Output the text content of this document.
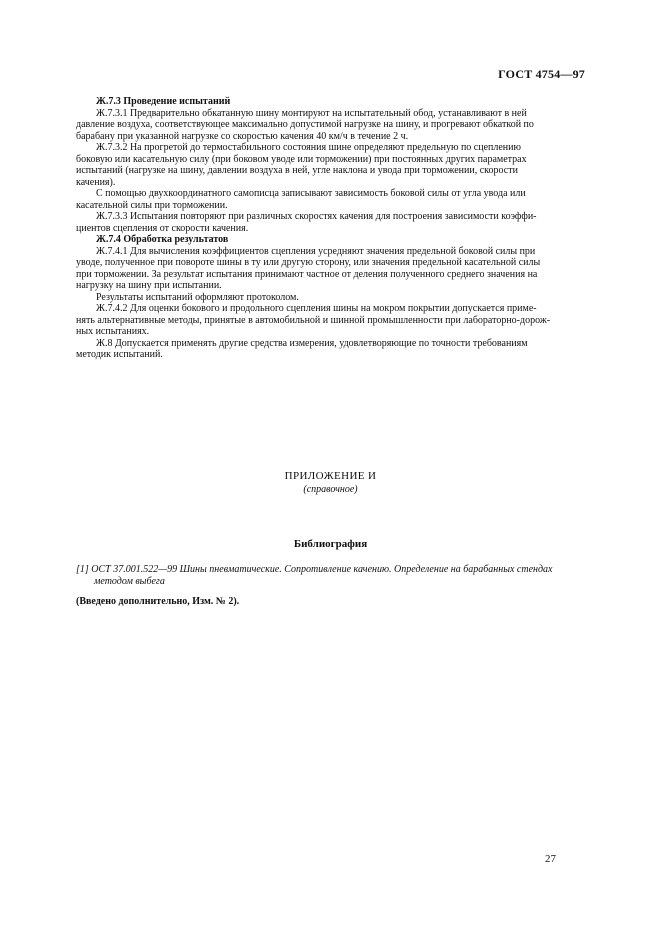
ГОСТ 4754—97
Ж.7.3 Проведение испытаний
Ж.7.3.1 Предварительно обкатанную шину монтируют на испытательный обод, устанавливают в ней
давление воздуха, соответствующее максимально допустимой нагрузке на шину, и прогревают обкаткой по
барабану при указанной нагрузке со скоростью качения 40 км/ч в течение 2 ч.
Ж.7.3.2 На прогретой до термостабильного состояния шине определяют предельную по сцеплению
боковую или касательную силу (при боковом уводе или торможении) при постоянных других параметрах
испытаний (нагрузке на шину, давлении воздуха в ней, угле наклона и увода при торможении, скорости
качения).
С помощью двухкоординатного самописца записывают зависимость боковой силы от угла увода или
касательной силы при торможении.
Ж.7.3.3 Испытания повторяют при различных скоростях качения для построения зависимости коэффи-
циентов сцепления от скорости качения.
Ж.7.4 Обработка результатов
Ж.7.4.1 Для вычисления коэффициентов сцепления усредняют значения предельной боковой силы при
уводе, полученное при повороте шины в ту или другую сторону, или значения предельной касательной силы
при торможении. За результат испытания принимают частное от деления полученного среднего значения на
нагрузку на шину при испытании.
Результаты испытаний оформляют протоколом.
Ж.7.4.2 Для оценки бокового и продольного сцепления шины на мокром покрытии допускается приме-
нять альтернативные методы, принятые в автомобильной и шинной промышленности при лабораторно-дорож-
ных испытаниях.
Ж.8 Допускается применять другие средства измерения, удовлетворяющие по точности требованиям
методик испытаний.
ПРИЛОЖЕНИЕ И
(справочное)
Библиография
[1] ОСТ 37.001.522—99 Шины пневматические. Сопротивление качению. Определение на барабанных стендах
методом выбега
(Введено дополнительно, Изм. № 2).
27
